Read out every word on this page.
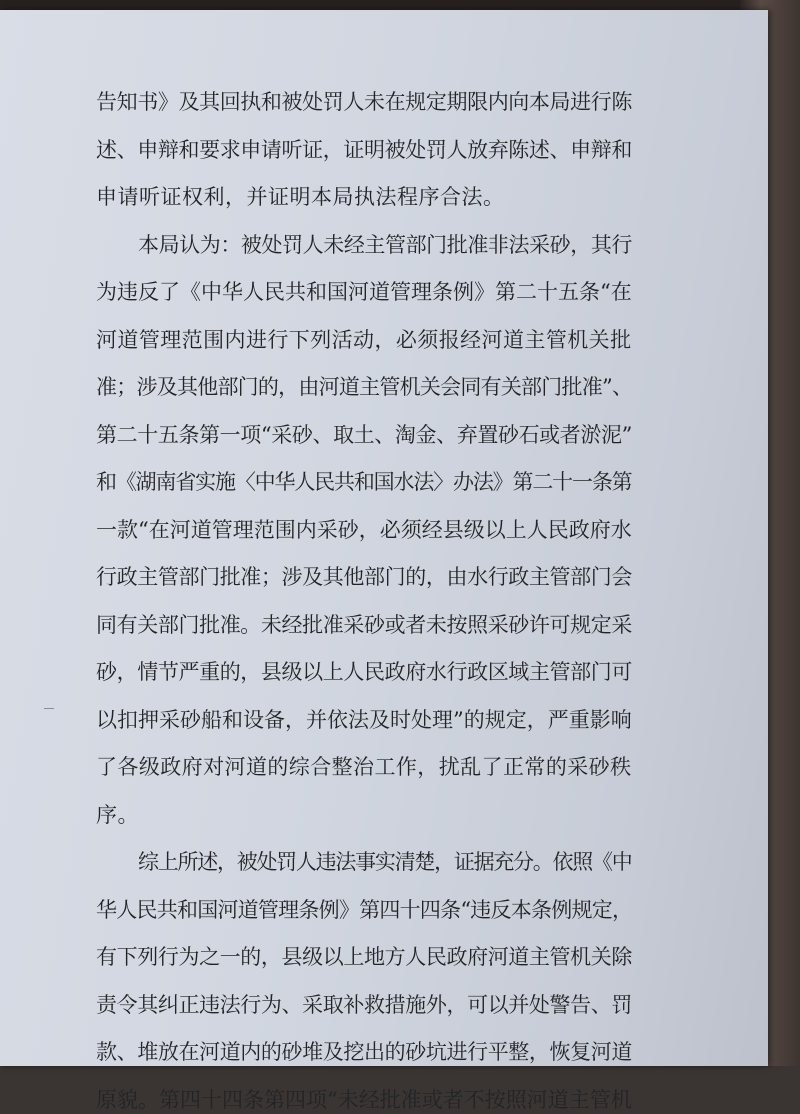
告知书》及其回执和被处罚人未在规定期限内向本局进行陈
述、申辩和要求申请听证，证明被处罚人放弃陈述、申辩和
申请听证权利，并证明本局执法程序合法。
本局认为：被处罚人未经主管部门批准非法采砂，其行
为违反了《中华人民共和国河道管理条例》第二十五条“在
河道管理范围内进行下列活动，必须报经河道主管机关批
准；涉及其他部门的，由河道主管机关会同有关部门批准”、
第二十五条第一项“采砂、取土、淘金、弃置砂石或者淤泥”
和《湖南省实施〈中华人民共和国水法〉办法》第二十一条第
一款“在河道管理范围内采砂，必须经县级以上人民政府水
行政主管部门批准；涉及其他部门的，由水行政主管部门会
同有关部门批准。未经批准采砂或者未按照采砂许可规定采
砂，情节严重的，县级以上人民政府水行政区域主管部门可
以扣押采砂船和设备，并依法及时处理”的规定，严重影响
了各级政府对河道的综合整治工作，扰乱了正常的采砂秩
序。
综上所述，被处罚人违法事实清楚，证据充分。依照《中
华人民共和国河道管理条例》第四十四条“违反本条例规定，
有下列行为之一的，县级以上地方人民政府河道主管机关除
责令其纠正违法行为、采取补救措施外，可以并处警告、罚
款、堆放在河道内的砂堆及挖出的砂坑进行平整，恢复河道
原貌。第四十四条第四项“未经批准或者不按照河道主管机
